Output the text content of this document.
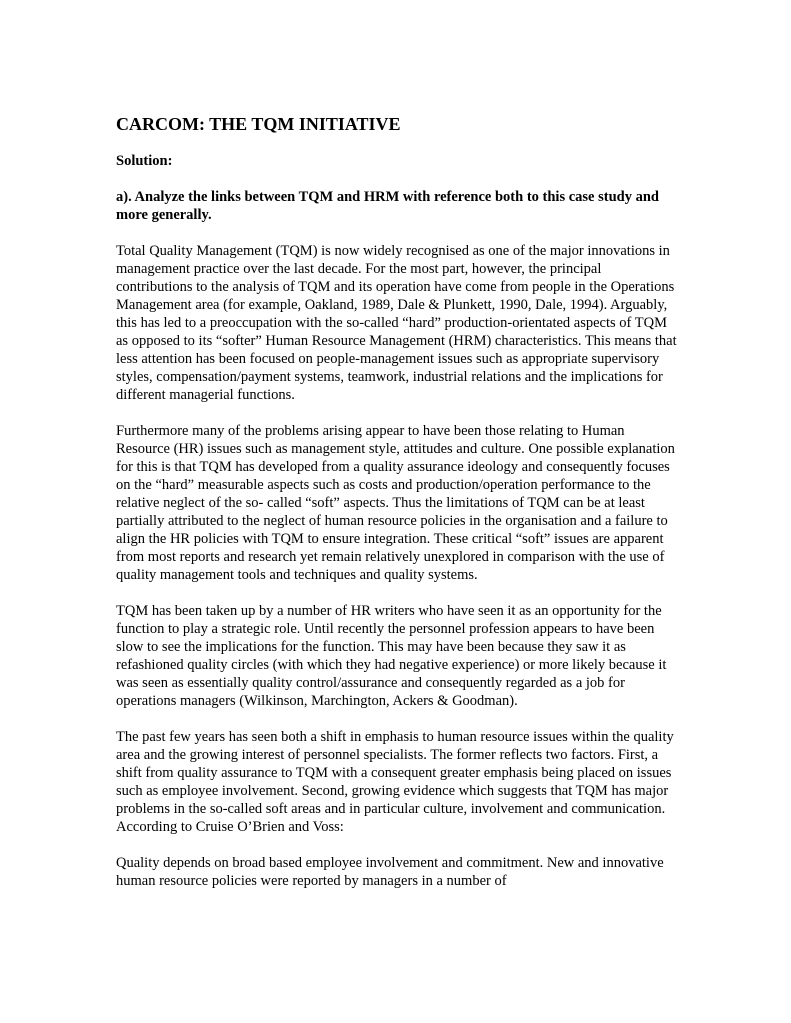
CARCOM: THE TQM INITIATIVE

Solution:

a). Analyze the links between TQM and HRM with reference both to this case study and more generally.

Total Quality Management (TQM) is now widely recognised as one of the major innovations in management practice over the last decade. For the most part, however, the principal contributions to the analysis of TQM and its operation have come from people in the Operations Management area (for example, Oakland, 1989, Dale & Plunkett, 1990, Dale, 1994). Arguably, this has led to a preoccupation with the so-called “hard” production-orientated aspects of TQM as opposed to its “softer” Human Resource Management (HRM) characteristics. This means that less attention has been focused on people-management issues such as appropriate supervisory styles, compensation/payment systems, teamwork, industrial relations and the implications for different managerial functions.

Furthermore many of the problems arising appear to have been those relating to Human Resource (HR) issues such as management style, attitudes and culture. One possible explanation for this is that TQM has developed from a quality assurance ideology and consequently focuses on the “hard” measurable aspects such as costs and production/operation performance to the relative neglect of the so- called “soft” aspects. Thus the limitations of TQM can be at least partially attributed to the neglect of human resource policies in the organisation and a failure to align the HR policies with TQM to ensure integration. These critical “soft” issues are apparent from most reports and research yet remain relatively unexplored in comparison with the use of quality management tools and techniques and quality systems.

TQM has been taken up by a number of HR writers who have seen it as an opportunity for the function to play a strategic role. Until recently the personnel profession appears to have been slow to see the implications for the function. This may have been because they saw it as refashioned quality circles (with which they had negative experience) or more likely because it was seen as essentially quality control/assurance and consequently regarded as a job for operations managers (Wilkinson, Marchington, Ackers & Goodman).

The past few years has seen both a shift in emphasis to human resource issues within the quality area and the growing interest of personnel specialists. The former reflects two factors. First, a shift from quality assurance to TQM with a consequent greater emphasis being placed on issues such as employee involvement. Second, growing evidence which suggests that TQM has major problems in the so-called soft areas and in particular culture, involvement and communication. According to Cruise O’Brien and Voss:

Quality depends on broad based employee involvement and commitment. New and innovative human resource policies were reported by managers in a number of
